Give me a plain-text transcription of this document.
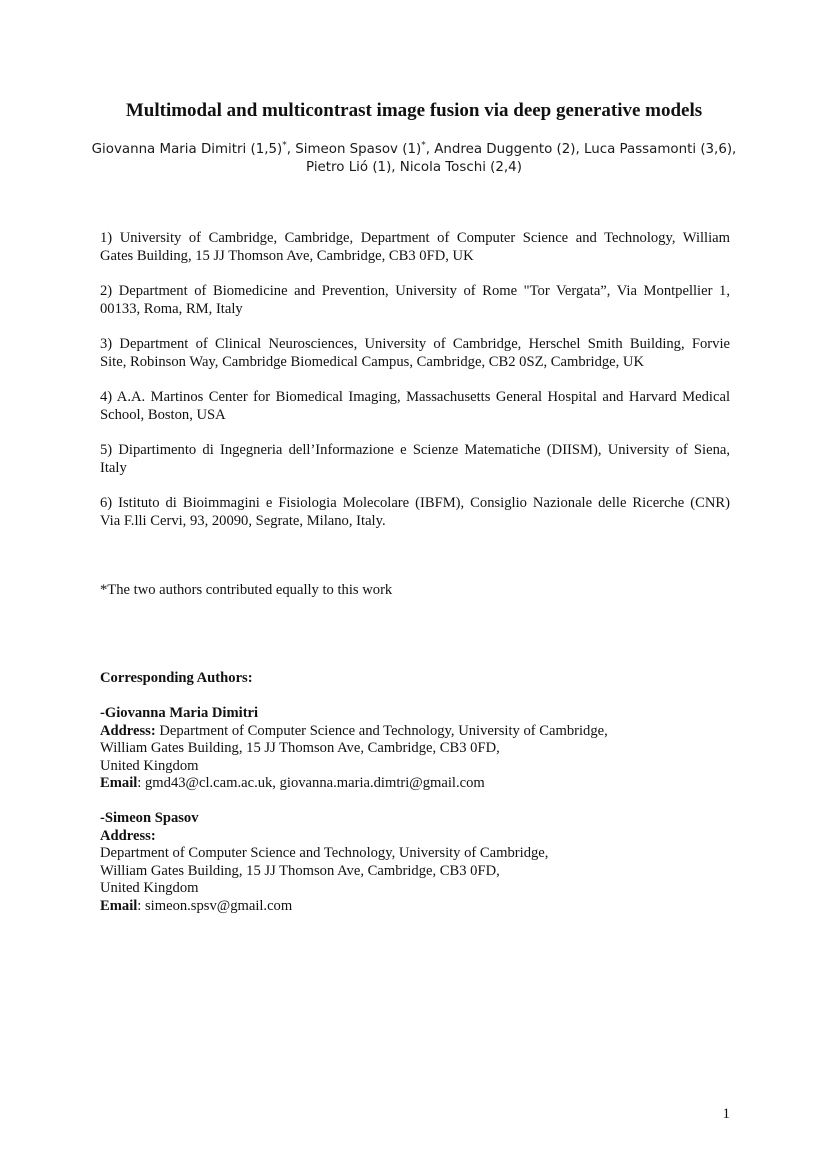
Multimodal and multicontrast image fusion via deep generative models
Giovanna Maria Dimitri (1,5)*, Simeon Spasov (1)*, Andrea Duggento (2), Luca Passamonti (3,6),
Pietro Lió (1), Nicola Toschi (2,4)
1) University of Cambridge, Cambridge, Department of Computer Science and Technology, William
Gates Building, 15 JJ Thomson Ave, Cambridge, CB3 0FD, UK
2) Department of Biomedicine and Prevention, University of Rome "Tor Vergata”, Via Montpellier 1,
00133, Roma, RM, Italy
3) Department of Clinical Neurosciences, University of Cambridge, Herschel Smith Building, Forvie
Site, Robinson Way, Cambridge Biomedical Campus, Cambridge, CB2 0SZ, Cambridge, UK
4) A.A. Martinos Center for Biomedical Imaging, Massachusetts General Hospital and Harvard Medical
School, Boston, USA
5) Dipartimento di Ingegneria dell’Informazione e Scienze Matematiche (DIISM), University of Siena,
Italy
6) Istituto di Bioimmagini e Fisiologia Molecolare (IBFM), Consiglio Nazionale delle Ricerche (CNR)
Via F.lli Cervi, 93, 20090, Segrate, Milano, Italy.
*The two authors contributed equally to this work
Corresponding Authors:
-Giovanna Maria Dimitri
Address: Department of Computer Science and Technology, University of Cambridge,
William Gates Building, 15 JJ Thomson Ave, Cambridge, CB3 0FD,
United Kingdom
Email: gmd43@cl.cam.ac.uk, giovanna.maria.dimtri@gmail.com
-Simeon Spasov
Address:
Department of Computer Science and Technology, University of Cambridge,
William Gates Building, 15 JJ Thomson Ave, Cambridge, CB3 0FD,
United Kingdom
Email: simeon.spsv@gmail.com
1
